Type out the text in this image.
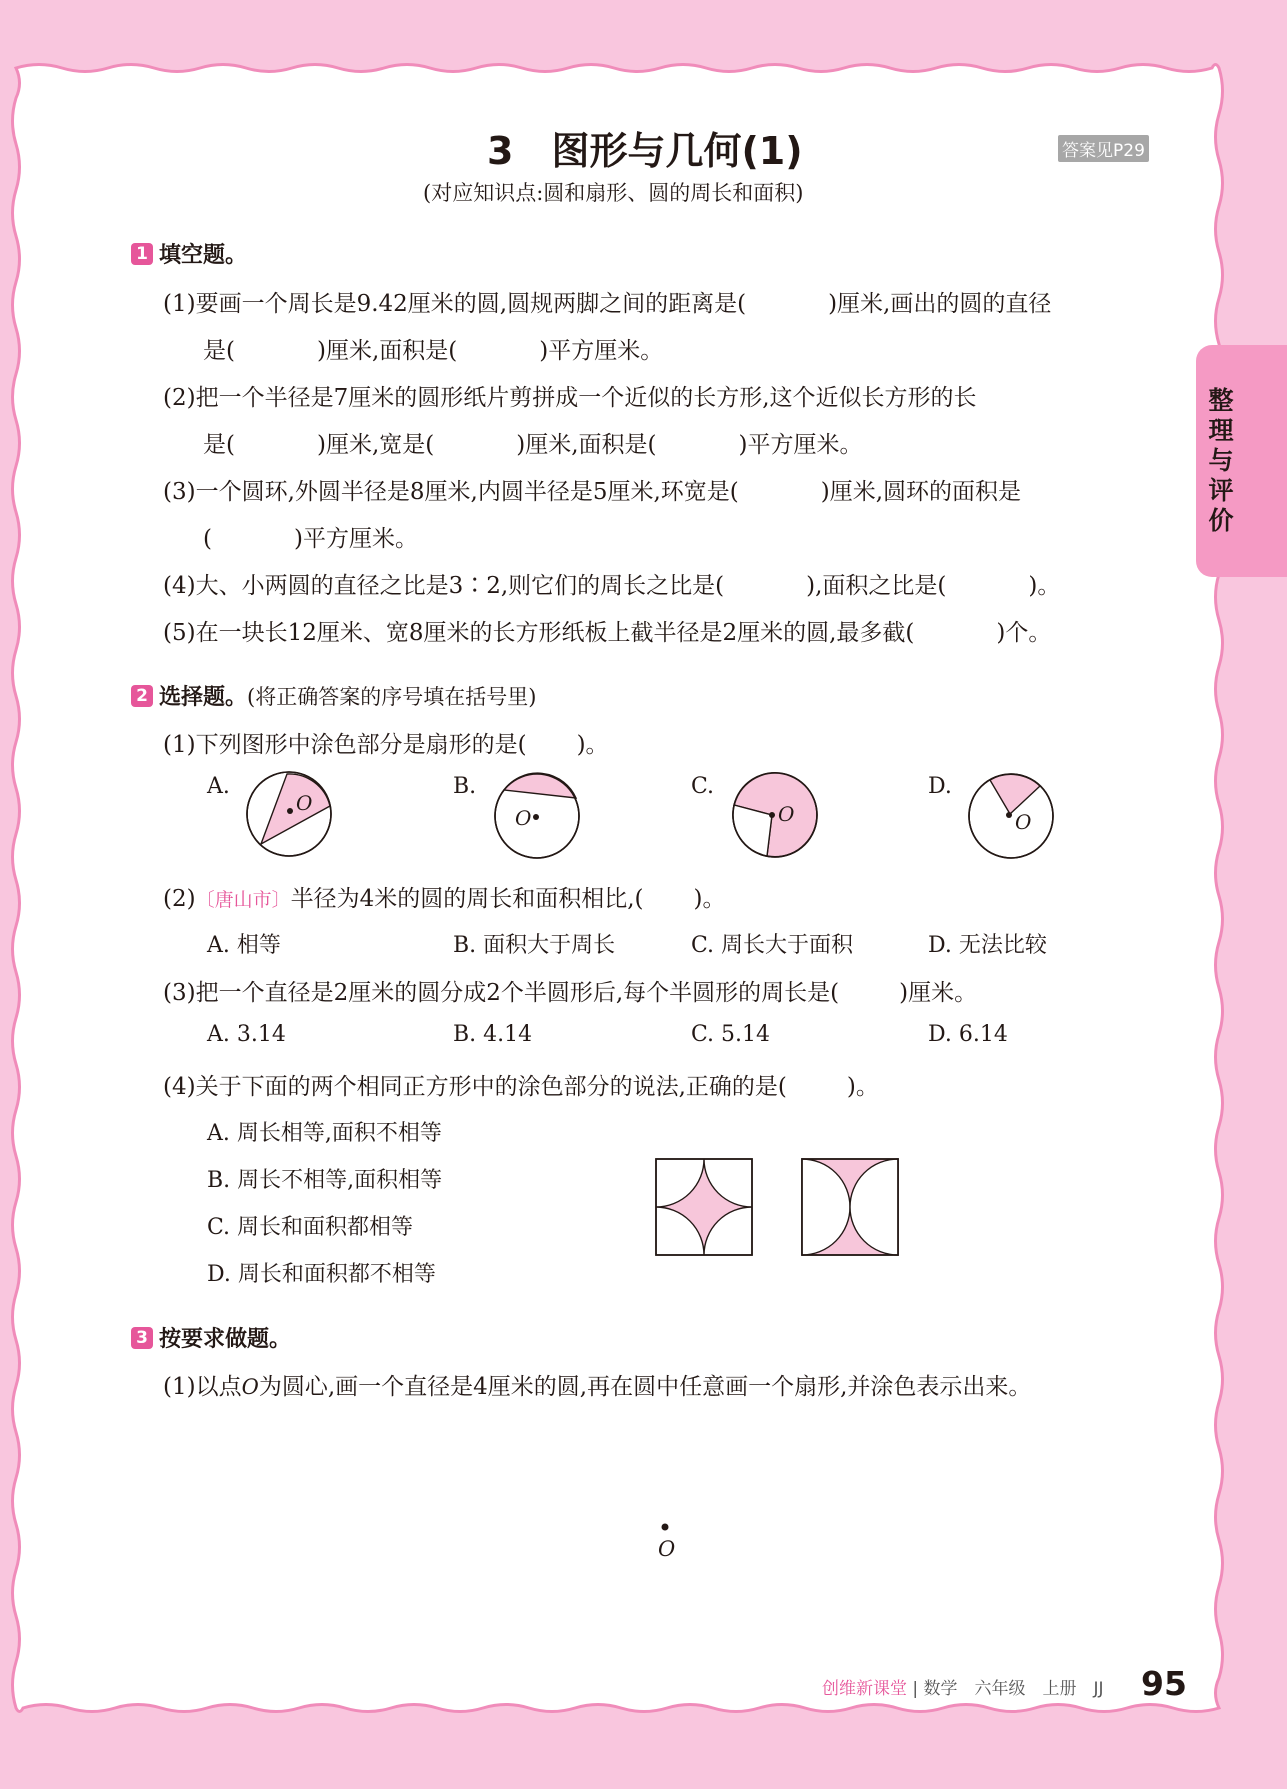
3　图形与几何(1)	答案见P29
(对应知识点:圆和扇形、圆的周长和面积)
整理与评价
1 填空题。
(1)要画一个周长是9.42厘米的圆,圆规两脚之间的距离是(	)厘米,画出的圆的直径
是(	)厘米,面积是(	)平方厘米。
(2)把一个半径是7厘米的圆形纸片剪拼成一个近似的长方形,这个近似长方形的长
是(	)厘米,宽是(	)厘米,面积是(	)平方厘米。
(3)一个圆环,外圆半径是8厘米,内圆半径是5厘米,环宽是(	)厘米,圆环的面积是
(	)平方厘米。
(4)大、小两圆的直径之比是3∶2,则它们的周长之比是(	),面积之比是(	)。
(5)在一块长12厘米、宽8厘米的长方形纸板上截半径是2厘米的圆,最多截(	)个。
2 选择题。 (将正确答案的序号填在括号里)
(1)下列图形中涂色部分是扇形的是( )。
A.	B.	C.	D.
O
O	O	O
(2)〔唐山市〕半径为4米的圆的周长和面积相比,( )。
A. 相等	B. 面积大于周长	C. 周长大于面积	D. 无法比较
(3)把一个直径是2厘米的圆分成2个半圆形后,每个半圆形的周长是(	)厘米。
A. 3.14	B. 4.14	C. 5.14	D. 6.14
(4)关于下面的两个相同正方形中的涂色部分的说法,正确的是(	)。
A. 周长相等,面积不相等
B. 周长不相等,面积相等
C. 周长和面积都相等
D. 周长和面积都不相等
3 按要求做题。
(1)以点O为圆心,画一个直径是4厘米的圆,再在圆中任意画一个扇形,并涂色表示出来。
O
创维新课堂 | 数学　六年级　上册　JJ 95
